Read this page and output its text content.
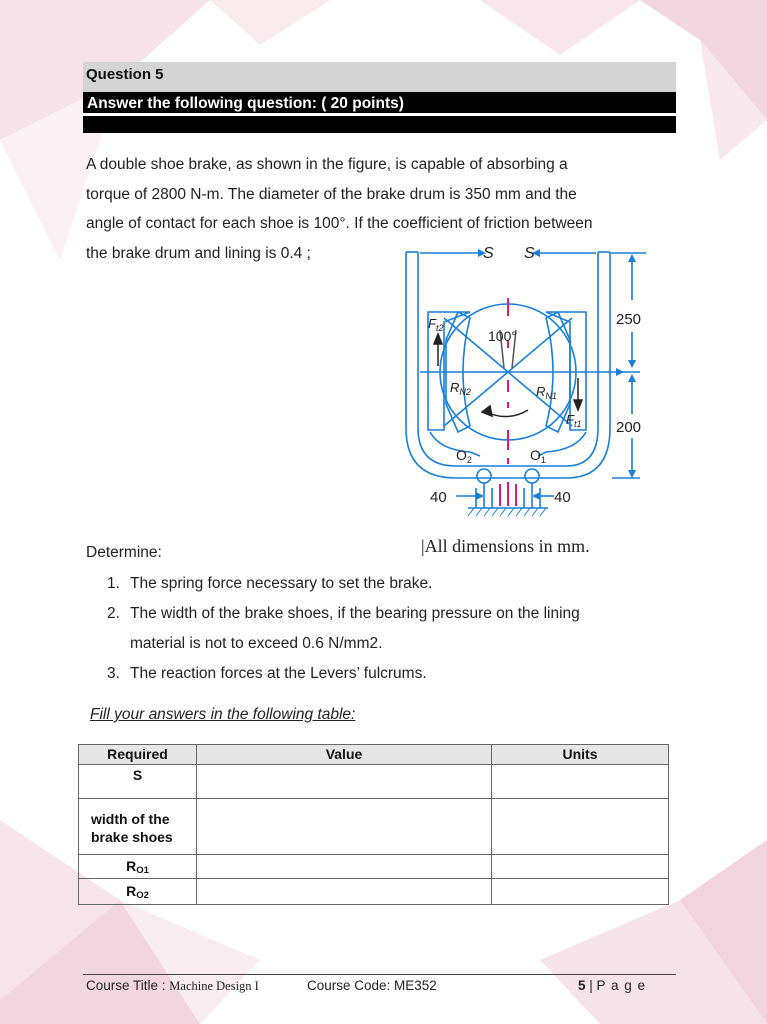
Question 5
Answer the following question: ( 20 points)
A double shoe brake, as shown in the figure, is capable of absorbing a
torque of 2800 N-m. The diameter of the brake drum is 350 mm and the
angle of contact for each shoe is 100°. If the coefficient of friction between
the brake drum and lining is 0.4 ;	S S
100°
$F_{t2}$
$R_{N2}$	$R_{N1}$
$F_{t1}$
$O_2$	$O_1$
250
200
40	40
|All dimensions in mm.
Determine:
1. The spring force necessary to set the brake.
2. The width of the brake shoes, if the bearing pressure on the lining
material is not to exceed 0.6 N/mm2.
3. The reaction forces at the Levers’ fulcrums.
Fill your answers in the following table:
Required	Value	Units
S		
width of the brake shoes		
$R_{O1}$		
$R_{O2}$		
Course Title : Machine Design I	Course Code: ME352	5 | P a g e
